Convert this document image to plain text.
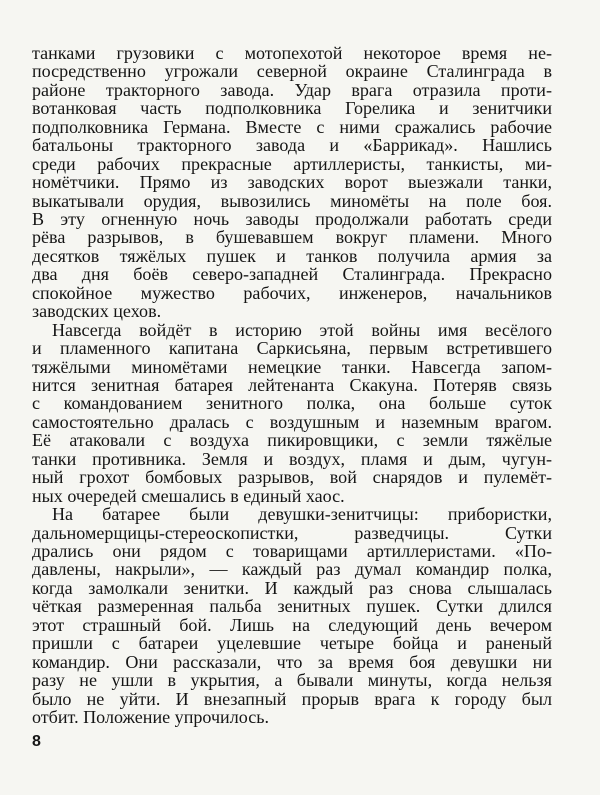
танками грузовики с мотопехотой некоторое время не-

посредственно угрожали северной окраине Сталинграда в

районе тракторного завода. Удар врага отразила проти-

вотанковая часть подполковника Горелика и зенитчики

подполковника Германа. Вместе с ними сражались рабочие

батальоны тракторного завода и «Баррикад». Нашлись

среди рабочих прекрасные артиллеристы, танкисты, ми-

номётчики. Прямо из заводских ворот выезжали танки,

выкатывали орудия, вывозились миномёты на поле боя.

В эту огненную ночь заводы продолжали работать среди

рёва разрывов, в бушевавшем вокруг пламени. Много

десятков тяжёлых пушек и танков получила армия за

два дня боёв северо-западней Сталинграда. Прекрасно

спокойное мужество рабочих, инженеров, начальников

заводских цехов.

Навсегда войдёт в историю этой войны имя весёлого

и пламенного капитана Саркисьяна, первым встретившего

тяжёлыми миномётами немецкие танки. Навсегда запом-

нится зенитная батарея лейтенанта Скакуна. Потеряв связь

с командованием зенитного полка, она больше суток

самостоятельно дралась с воздушным и наземным врагом.

Её атаковали с воздуха пикировщики, с земли тяжёлые

танки противника. Земля и воздух, пламя и дым, чугун-

ный грохот бомбовых разрывов, вой снарядов и пулемёт-

ных очередей смешались в единый хаос.

На батарее были девушки-зенитчицы: прибористки,

дальномерщицы-стереоскопистки, разведчицы. Сутки

дрались они рядом с товарищами артиллеристами. «По-

давлены, накрыли», — каждый раз думал командир полка,

когда замолкали зенитки. И каждый раз снова слышалась

чёткая размеренная пальба зенитных пушек. Сутки длился

этот страшный бой. Лишь на следующий день вечером

пришли с батареи уцелевшие четыре бойца и раненый

командир. Они рассказали, что за время боя девушки ни

разу не ушли в укрытия, а бывали минуты, когда нельзя

было не уйти. И внезапный прорыв врага к городу был

отбит. Положение упрочилось.

8
